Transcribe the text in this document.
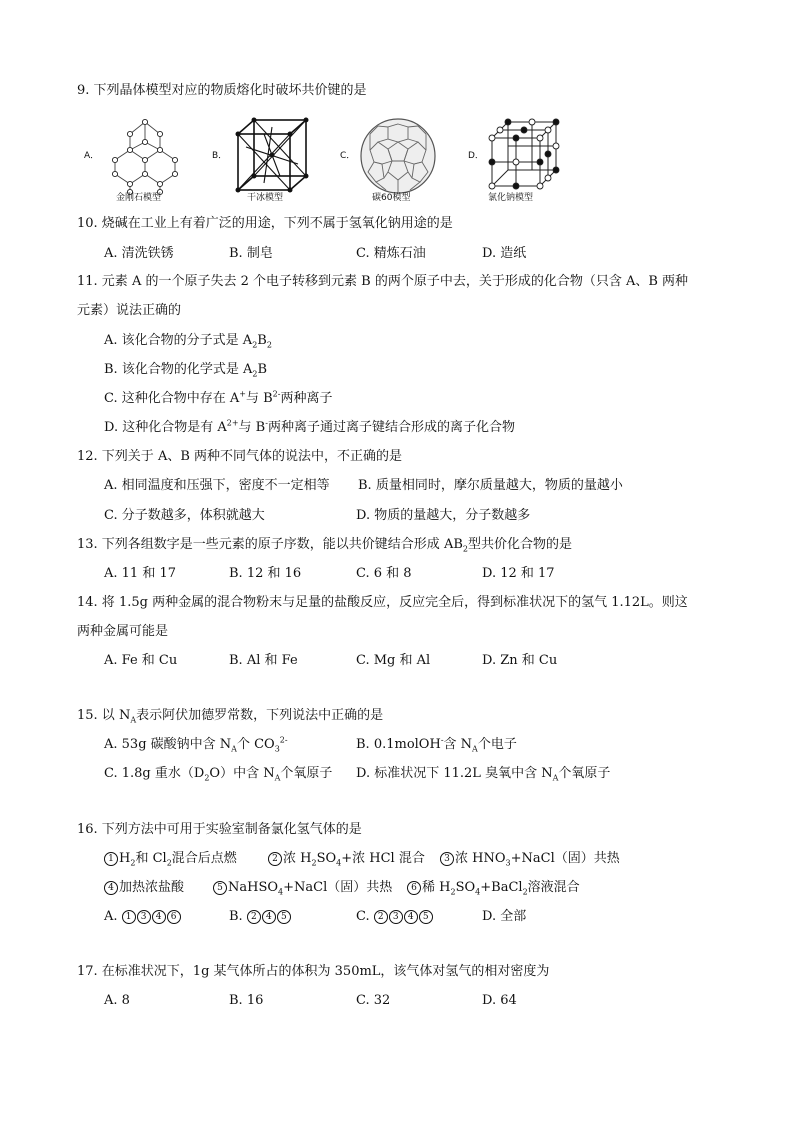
9. 下列晶体模型对应的物质熔化时破坏共价键的是
A．
金刚石模型
B．
干冰模型
C．
碳60模型
D．
氯化钠模型
10. 烧碱在工业上有着广泛的用途，下列不属于氢氧化钠用途的是
A. 清洗铁锈	B. 制皂	C. 精炼石油	D. 造纸
11. 元素 A 的一个原子失去 2 个电子转移到元素 B 的两个原子中去，关于形成的化合物（只含 A、B 两种
元素）说法正确的
A. 该化合物的分子式是 $A_2B_2$
B. 该化合物的化学式是 $A_2B$
C. 这种化合物中存在 A+与 $B^{2-}$两种离子
D. 这种化合物是有 $A^{2+}$与 B-两种离子通过离子键结合形成的离子化合物
12. 下列关于 A、B 两种不同气体的说法中，不正确的是
A. 相同温度和压强下，密度不一定相等 B. 质量相同时，摩尔质量越大，物质的量越小
C. 分子数越多，体积就越大	D. 物质的量越大，分子数越多
13. 下列各组数字是一些元素的原子序数，能以共价键结合形成 $AB_2$型共价化合物的是
A. 11 和 17	B. 12 和 16	C. 6 和 8	D. 12 和 17
14. 将 1.5g 两种金属的混合物粉末与足量的盐酸反应，反应完全后，得到标准状况下的氢气 1.12L。则这
两种金属可能是
A. Fe 和 Cu	B. Al 和 Fe	C. Mg 和 Al	D. Zn 和 Cu
15. 以 $N_A$表示阿伏加德罗常数，下列说法中正确的是
A. 53g 碳酸钠中含 $N_A$个 $CO_3^{2-}$	B. 0.1molOH-含 $N_A$个电子
C. 1.8g 重水$(D_2O)$中含 $N_A$个氧原子 D. 标准状况下 11.2L 臭氧中含 $N_A$个氧原子
16. 下列方法中可用于实验室制备氯化氢气体的是
1 $H_2$和 $Cl_2$混合后点燃	2 浓 $H_2SO_4+$浓 HCl 混合	3 浓 $HNO_3+NaCl$（固）共热
4 加热浓盐酸	5 NaHSO$_4$+NaCl（固）共热	6 稀 $H_2SO_4+BaCl_2$溶液混合
A. 1 3 4 6	B. 2 4 5	C. 2 3 4 5	D. 全部
17. 在标准状况下，1g 某气体所占的体积为 350mL，该气体对氢气的相对密度为
A. 8	B. 16	C. 32	D. 64
